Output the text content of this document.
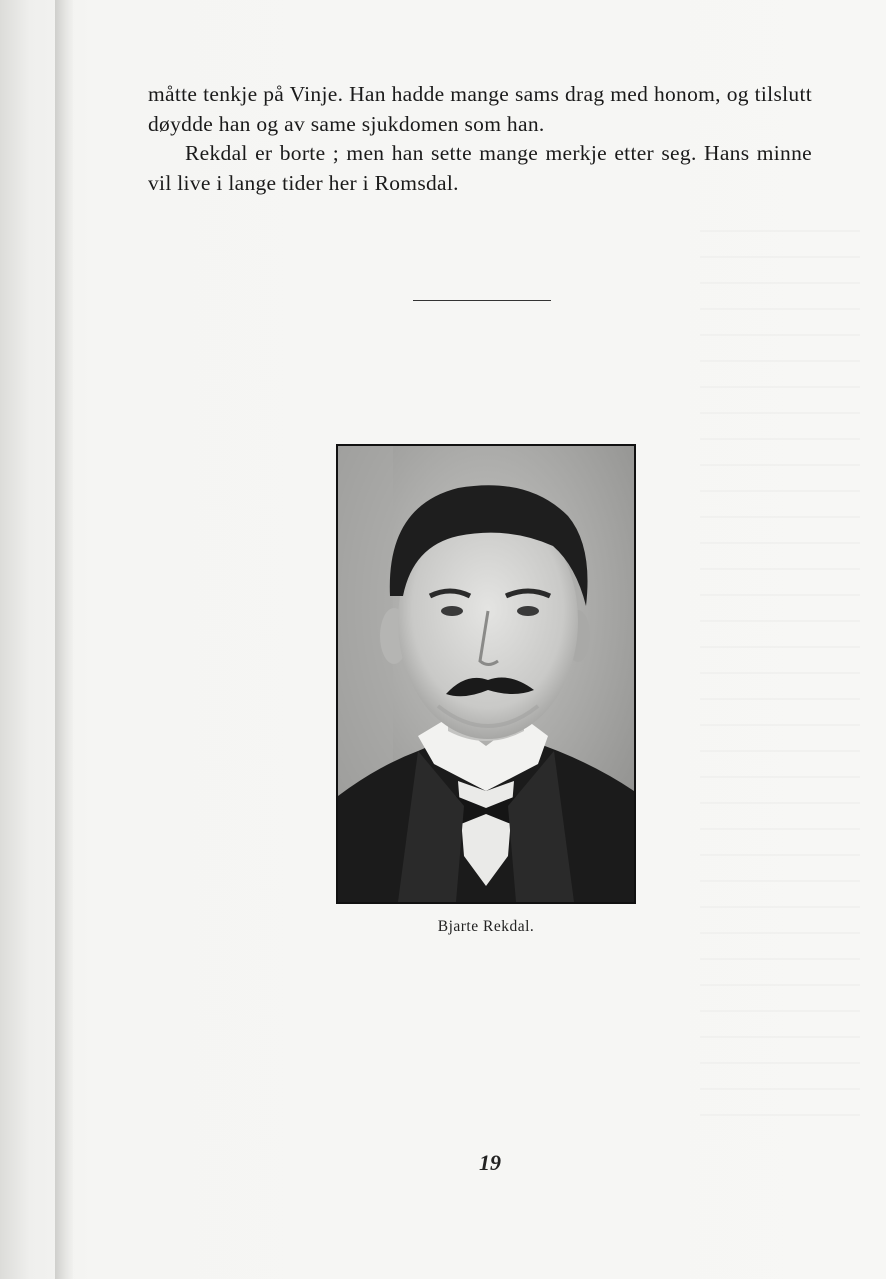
måtte tenkje på Vinje. Han hadde mange sams drag med honom, og tilslutt døydde han og av same sjukdomen som han.

Rekdal er borte ; men han sette mange merkje etter seg. Hans minne vil live i lange tider her i Romsdal.

Bjarte Rekdal.
19
